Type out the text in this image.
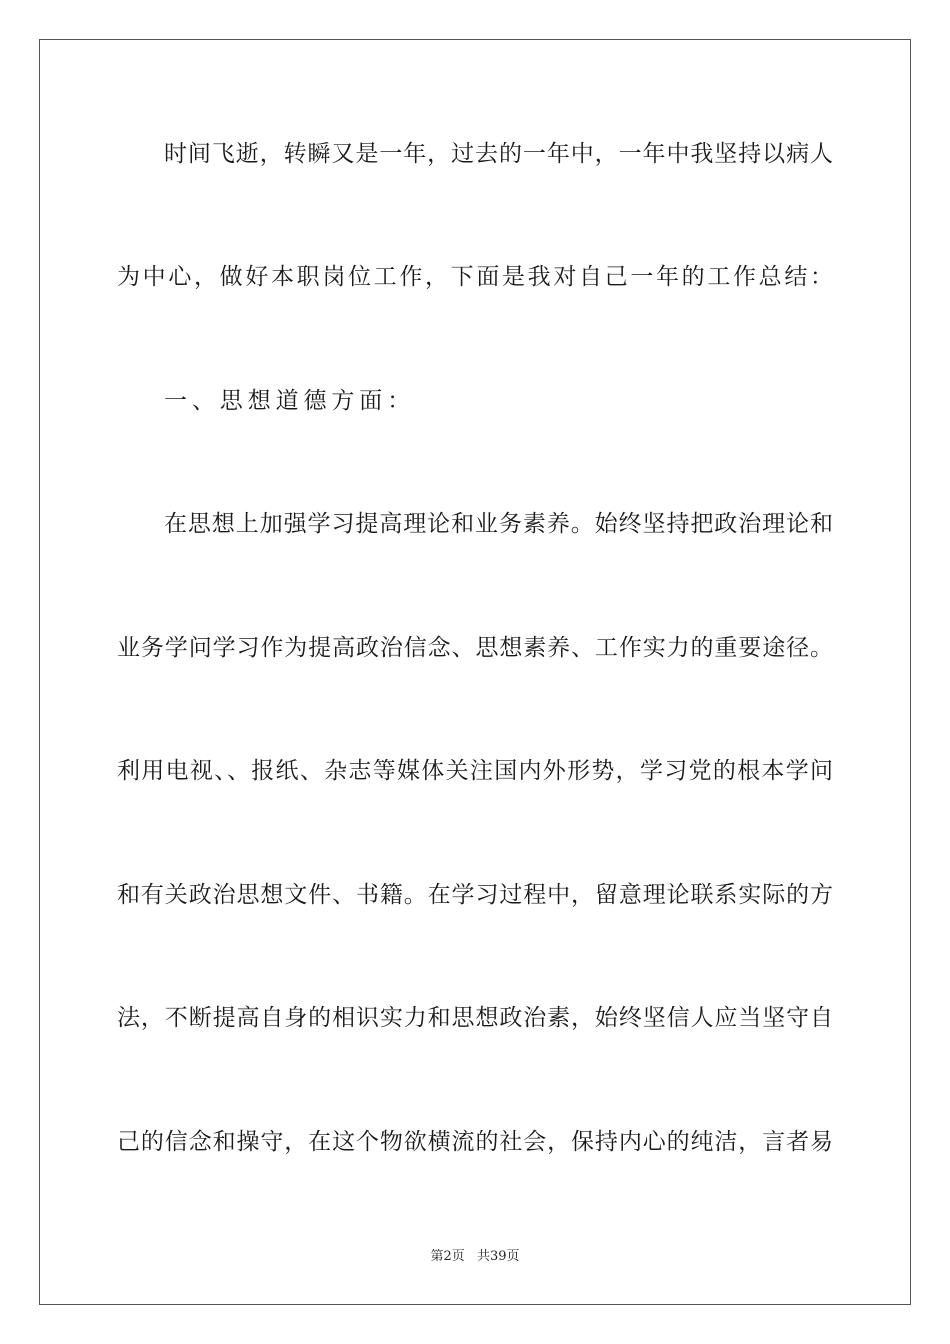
时间飞逝，转瞬又是一年，过去的一年中，一年中我坚持以病人
为中心，做好本职岗位工作，下面是我对自己一年的工作总结：
一、思想道德方面：
在思想上加强学习提高理论和业务素养。始终坚持把政治理论和
业务学问学习作为提高政治信念、思想素养、工作实力的重要途径。
利用电视、、报纸、杂志等媒体关注国内外形势，学习党的根本学问
和有关政治思想文件、书籍。在学习过程中，留意理论联系实际的方
法，不断提高自身的相识实力和思想政治素，始终坚信人应当坚守自
己的信念和操守，在这个物欲横流的社会，保持内心的纯洁，言者易
第2页 共39页
